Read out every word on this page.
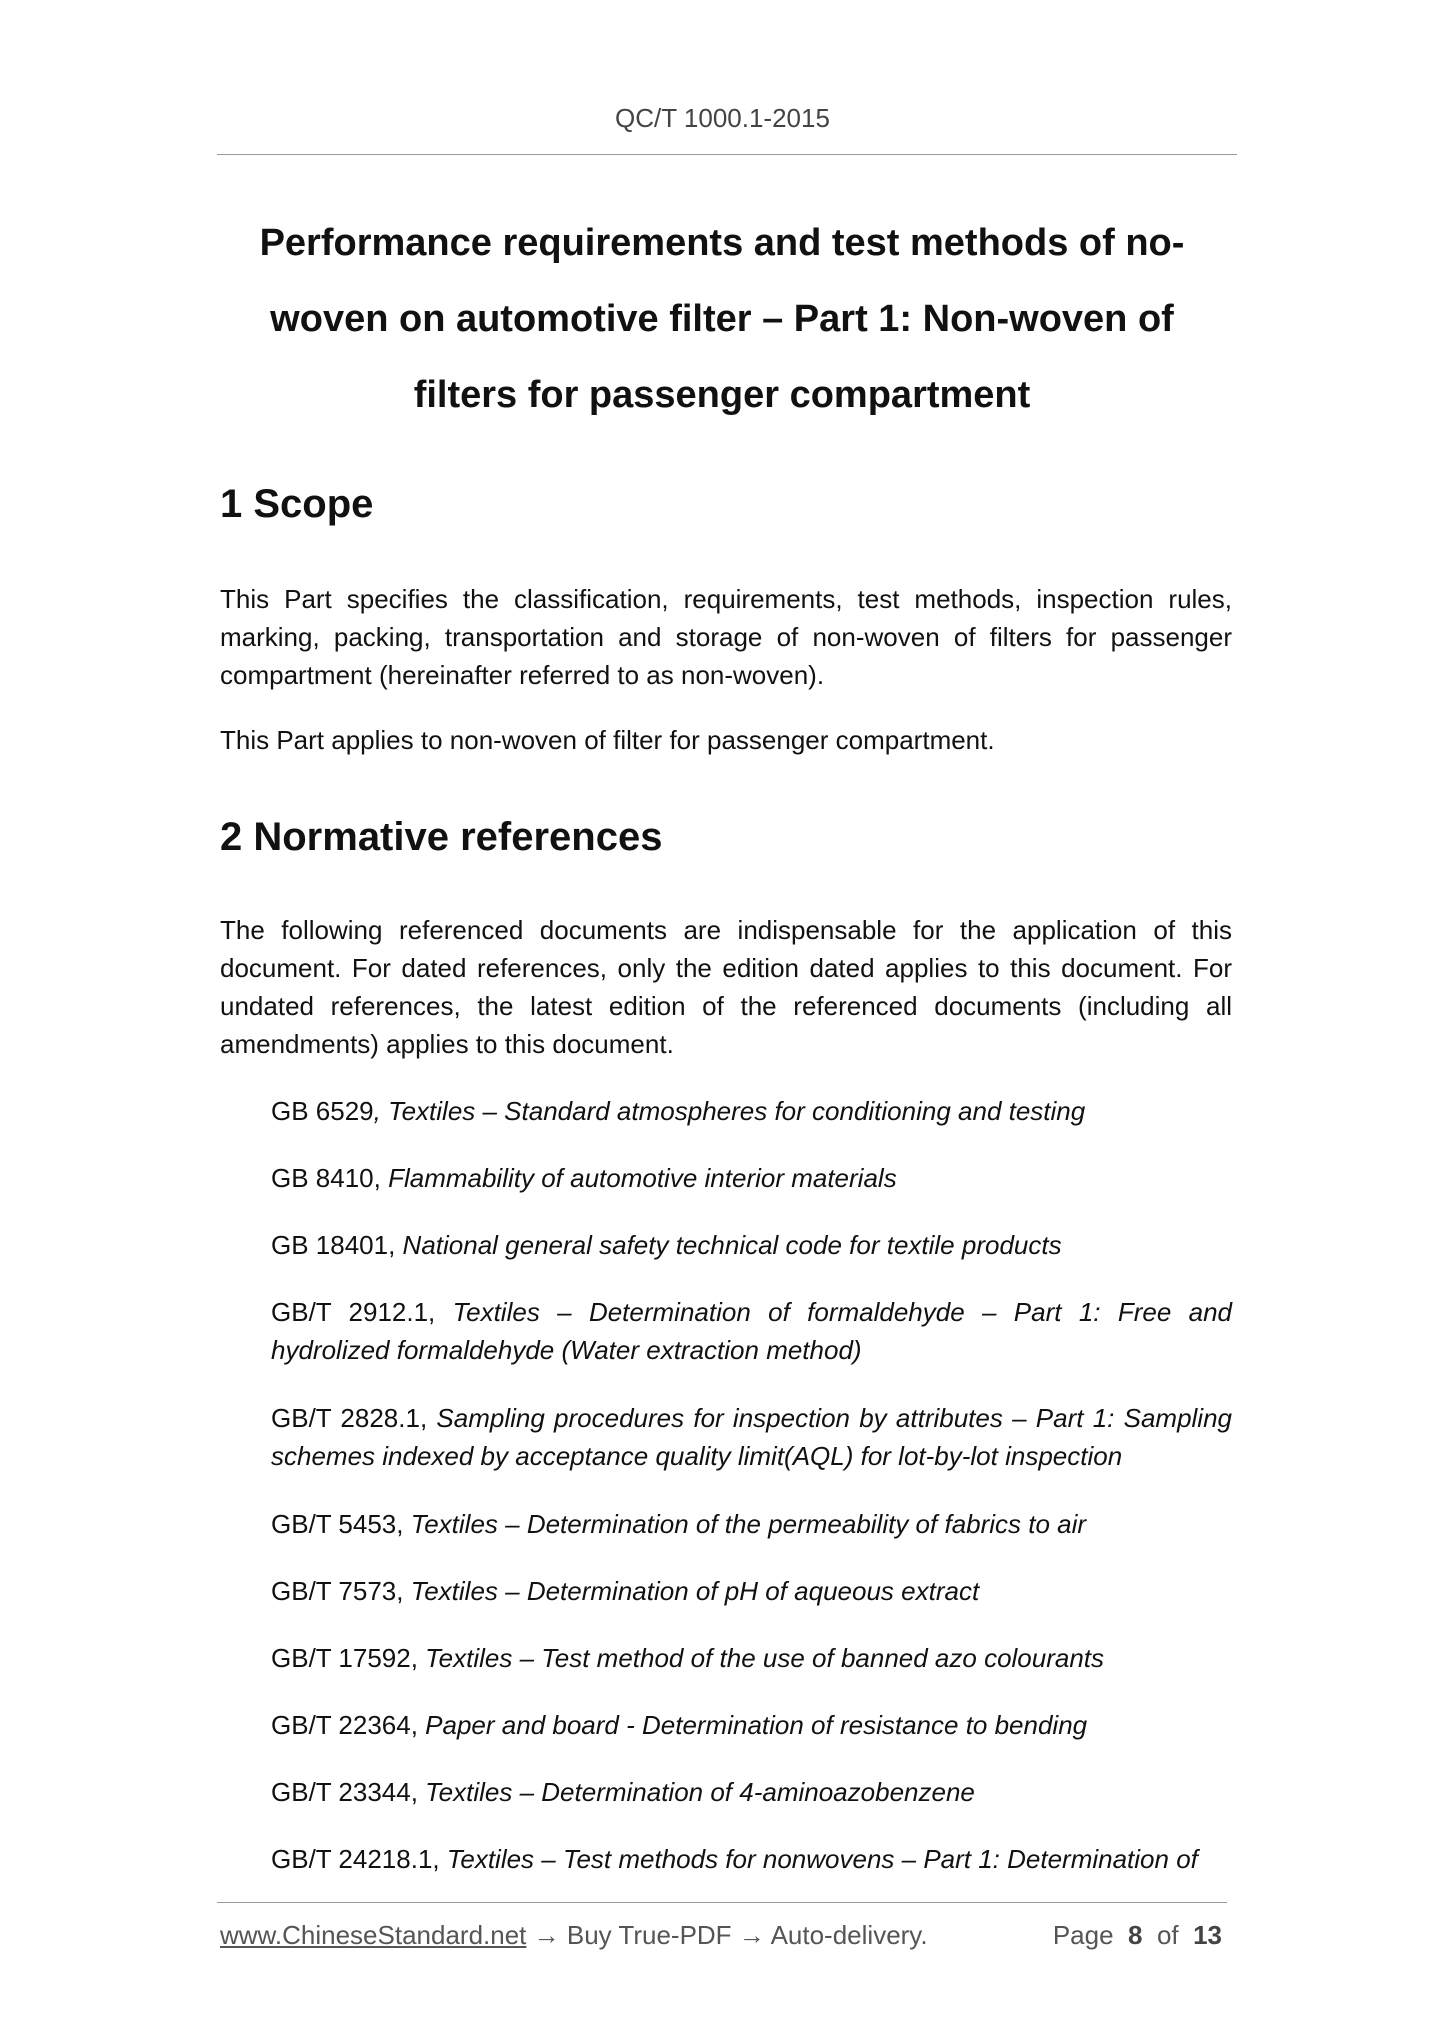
QC/T 1000.1-2015
Performance requirements and test methods of no-
woven on automotive filter – Part 1: Non-woven of
filters for passenger compartment
1 Scope

This Part specifies the classification, requirements, test methods, inspection rules, marking, packing, transportation and storage of non-woven of filters for passenger compartment (hereinafter referred to as non-woven).

This Part applies to non-woven of filter for passenger compartment.

2 Normative references

The following referenced documents are indispensable for the application of this document. For dated references, only the edition dated applies to this document. For undated references, the latest edition of the referenced documents (including all amendments) applies to this document.

GB 6529, Textiles – Standard atmospheres for conditioning and testing

GB 8410, Flammability of automotive interior materials

GB 18401, National general safety technical code for textile products

GB/T 2912.1, Textiles – Determination of formaldehyde – Part 1: Free and hydrolized formaldehyde (Water extraction method)

GB/T 2828.1, Sampling procedures for inspection by attributes – Part 1: Sampling schemes indexed by acceptance quality limit(AQL) for lot-by-lot inspection

GB/T 5453, Textiles – Determination of the permeability of fabrics to air

GB/T 7573, Textiles – Determination of pH of aqueous extract

GB/T 17592, Textiles – Test method of the use of banned azo colourants

GB/T 22364, Paper and board - Determination of resistance to bending

GB/T 23344, Textiles – Determination of 4-aminoazobenzene

GB/T 24218.1, Textiles – Test methods for nonwovens – Part 1: Determination of

www.ChineseStandard.net → Buy True-PDF → Auto-delivery.	Page 8 of 13
